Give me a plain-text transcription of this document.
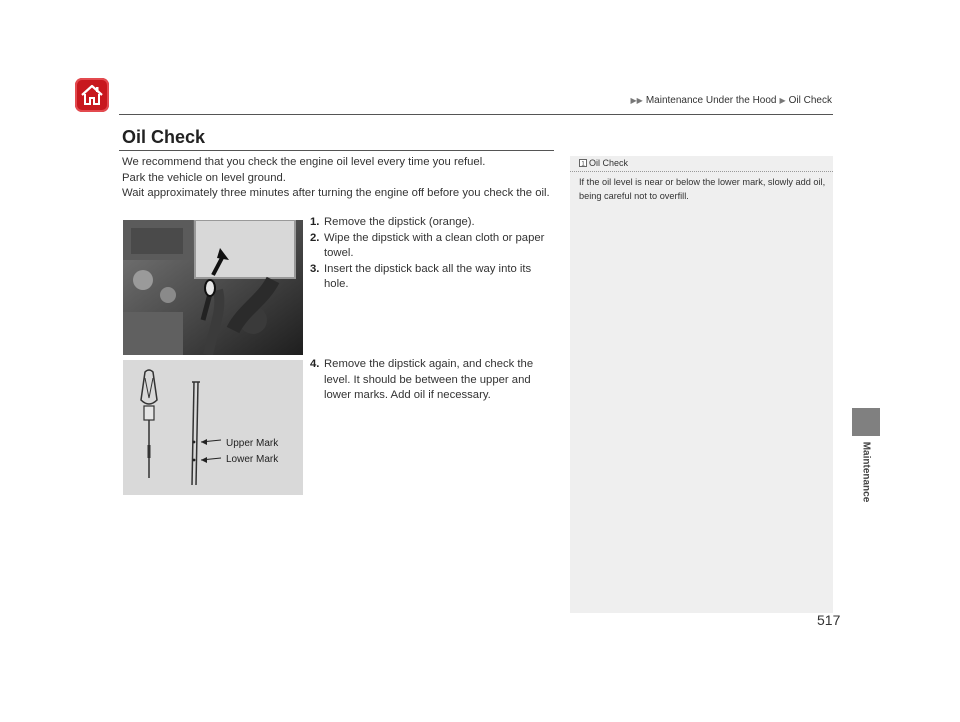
▶▶ Maintenance Under the Hood ▶ Oil Check
Oil Check

We recommend that you check the engine oil level every time you refuel.

Park the vehicle on level ground.

Wait approximately three minutes after turning the engine off before you check the oil.

1. Remove the dipstick (orange).
2. Wipe the dipstick with a clean cloth or paper towel.
3. Insert the dipstick back all the way into its hole.
4. Remove the dipstick again, and check the level. It should be between the upper and lower marks. Add oil if necessary.
Upper Mark
Lower Mark
1 Oil Check
If the oil level is near or below the lower mark, slowly add oil, being careful not to overfill.
Maintenance
517
